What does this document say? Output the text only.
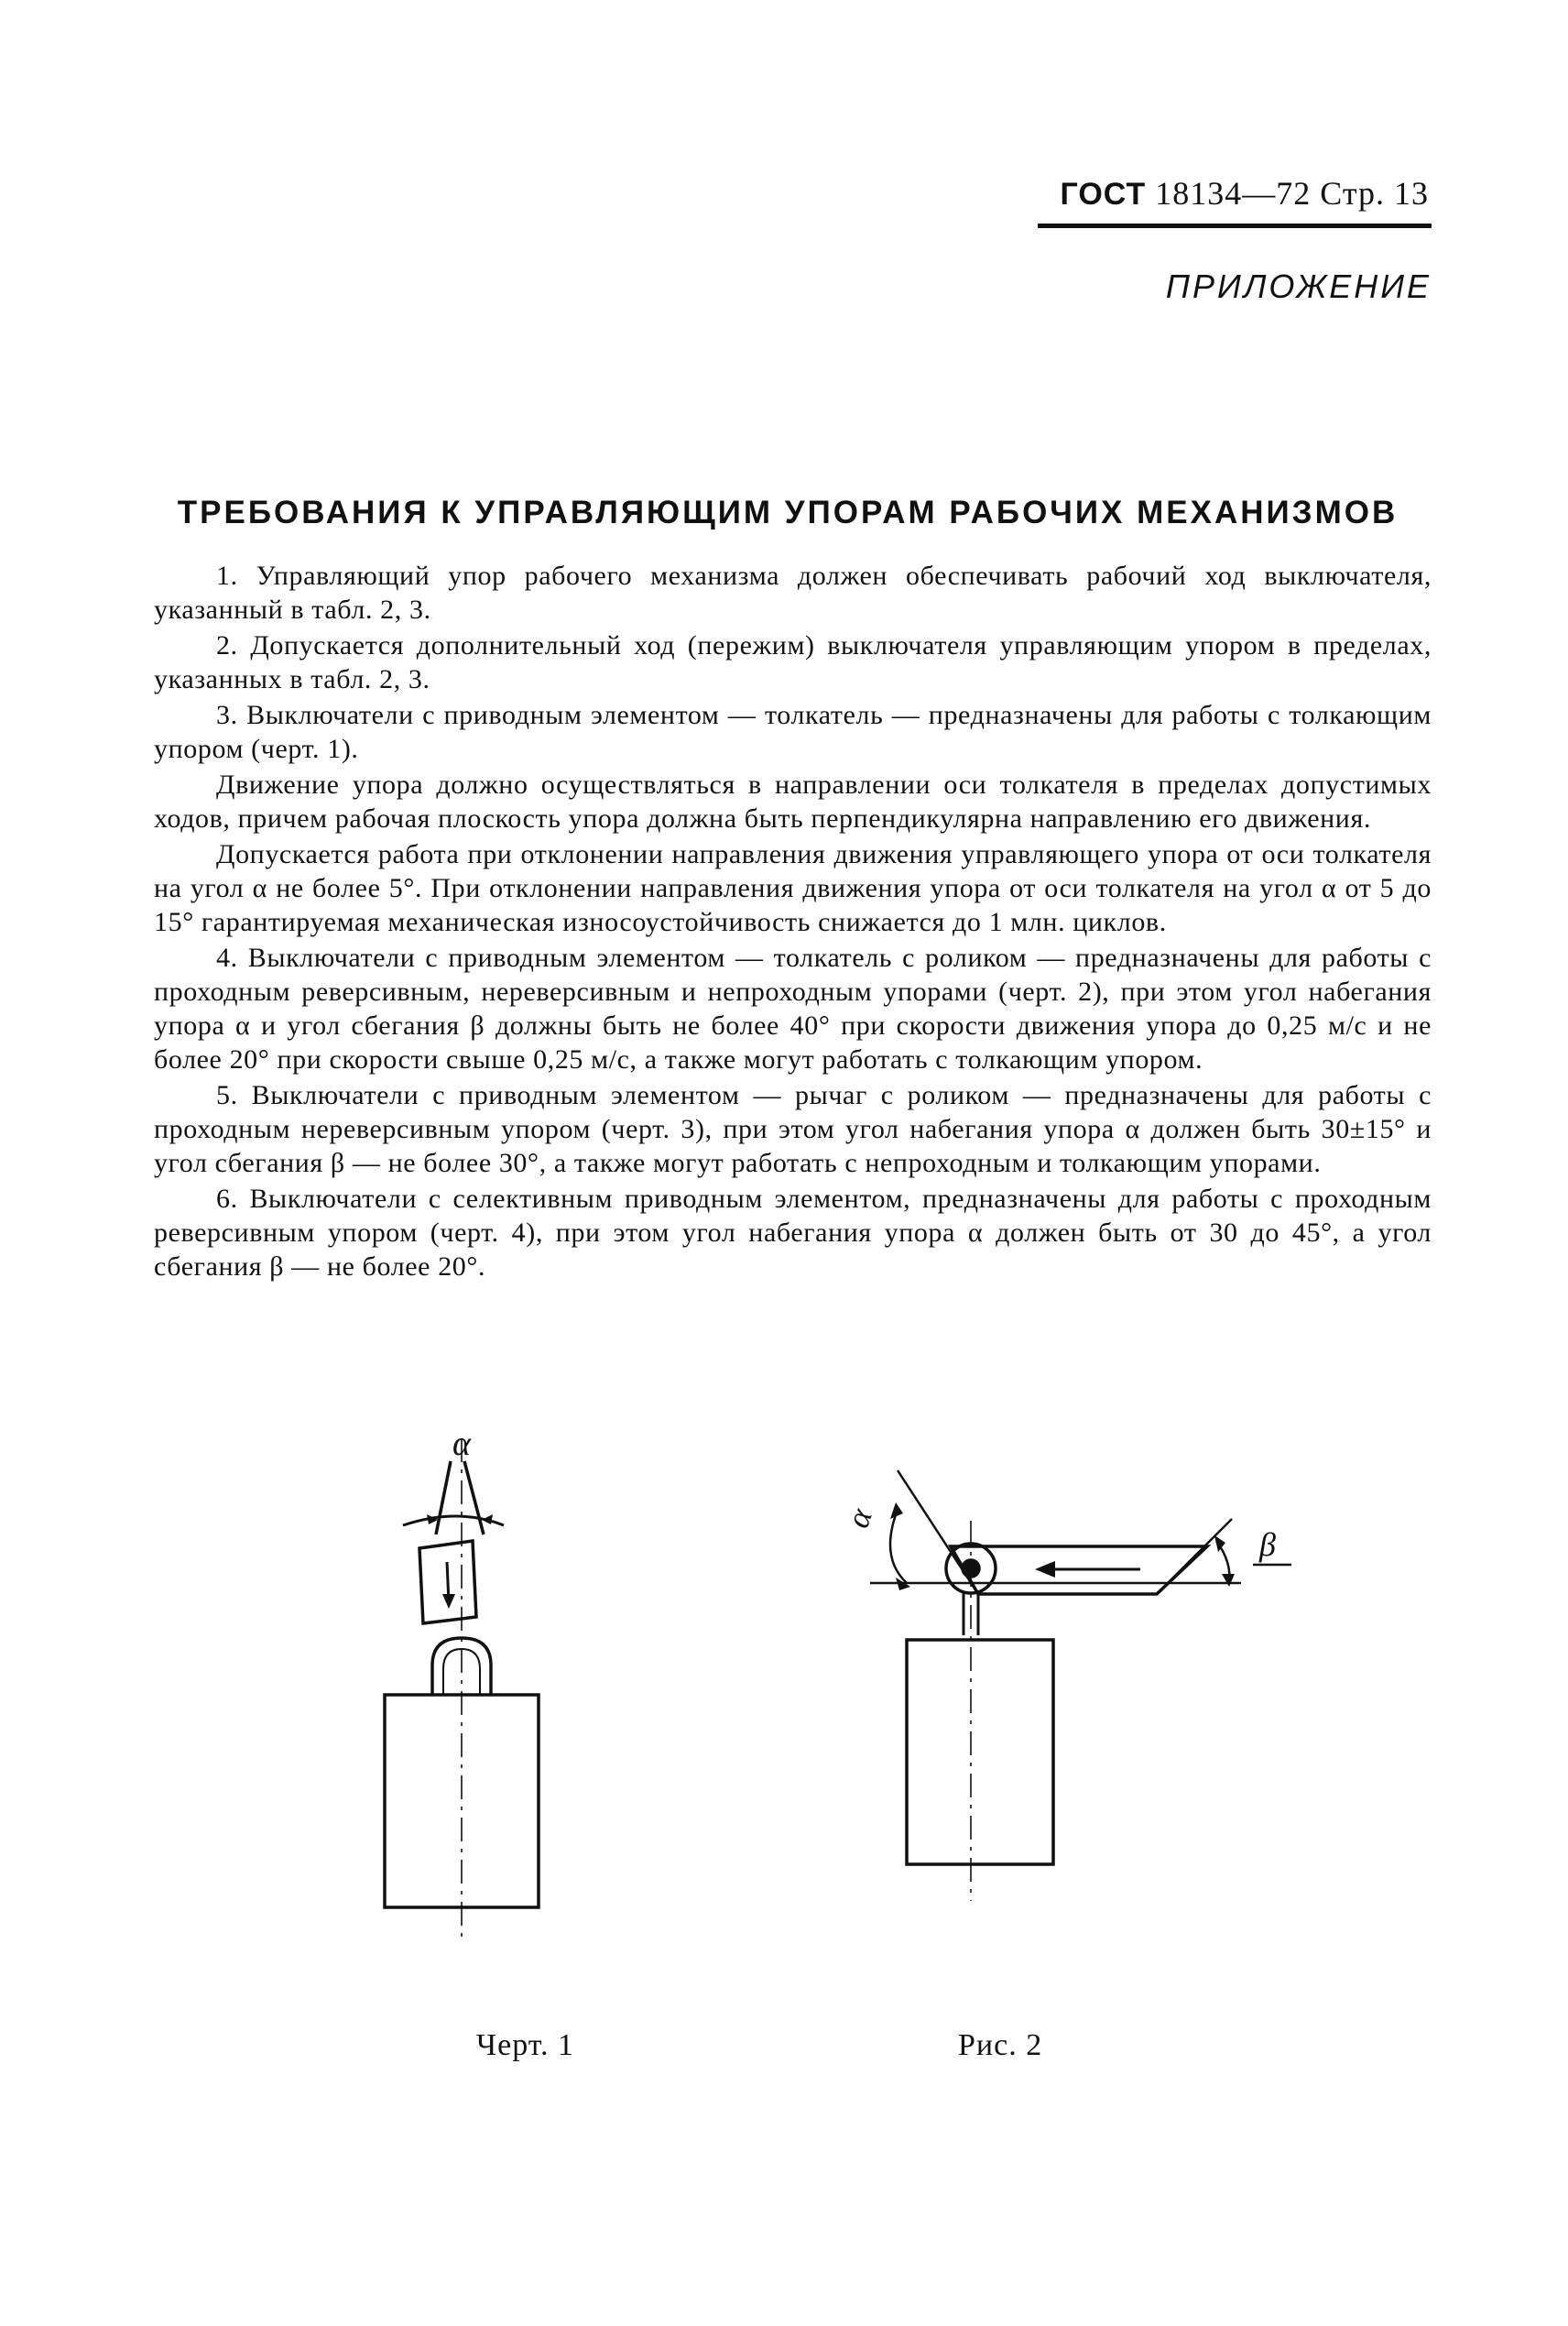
ГОСТ 18134—72 Стр. 13
ПРИЛОЖЕНИЕ
ТРЕБОВАНИЯ К УПРАВЛЯЮЩИМ УПОРАМ РАБОЧИХ МЕХАНИЗМОВ

1. Управляющий упор рабочего механизма должен обеспечивать рабочий ход выключателя, указанный в табл. 2, 3.

2. Допускается дополнительный ход (пережим) выключателя управляющим упором в пределах, указанных в табл. 2, 3.

3. Выключатели с приводным элементом — толкатель — предназначены для работы с толкающим упором (черт. 1).

Движение упора должно осуществляться в направлении оси толкателя в пределах допустимых ходов, причем рабочая плоскость упора должна быть перпендикулярна направлению его движения.

Допускается работа при отклонении направления движения управляющего упора от оси толкателя на угол α не более 5°. При отклонении направления движения упора от оси толкателя на угол α от 5 до 15° гарантируемая механическая износоустойчивость снижается до 1 млн. циклов.

4. Выключатели с приводным элементом — толкатель с роликом — предназначены для работы с проходным реверсивным, нереверсивным и непроходным упорами (черт. 2), при этом угол набегания упора α и угол сбегания β должны быть не более 40° при скорости движения упора до 0,25 м/с и не более 20° при скорости свыше 0,25 м/с, а также могут работать с толкающим упором.

5. Выключатели с приводным элементом — рычаг с роликом — предназначены для работы с проходным нереверсивным упором (черт. 3), при этом угол набегания упора α должен быть 30±15° и угол сбегания β — не более 30°, а также могут работать с непроходным и толкающим упорами.

6. Выключатели с селективным приводным элементом, предназначены для работы с проходным реверсивным упором (черт. 4), при этом угол набегания упора α должен быть от 30 до 45°, а угол сбегания β — не более 20°.

α
α
β
Черт. 1	Рис. 2
